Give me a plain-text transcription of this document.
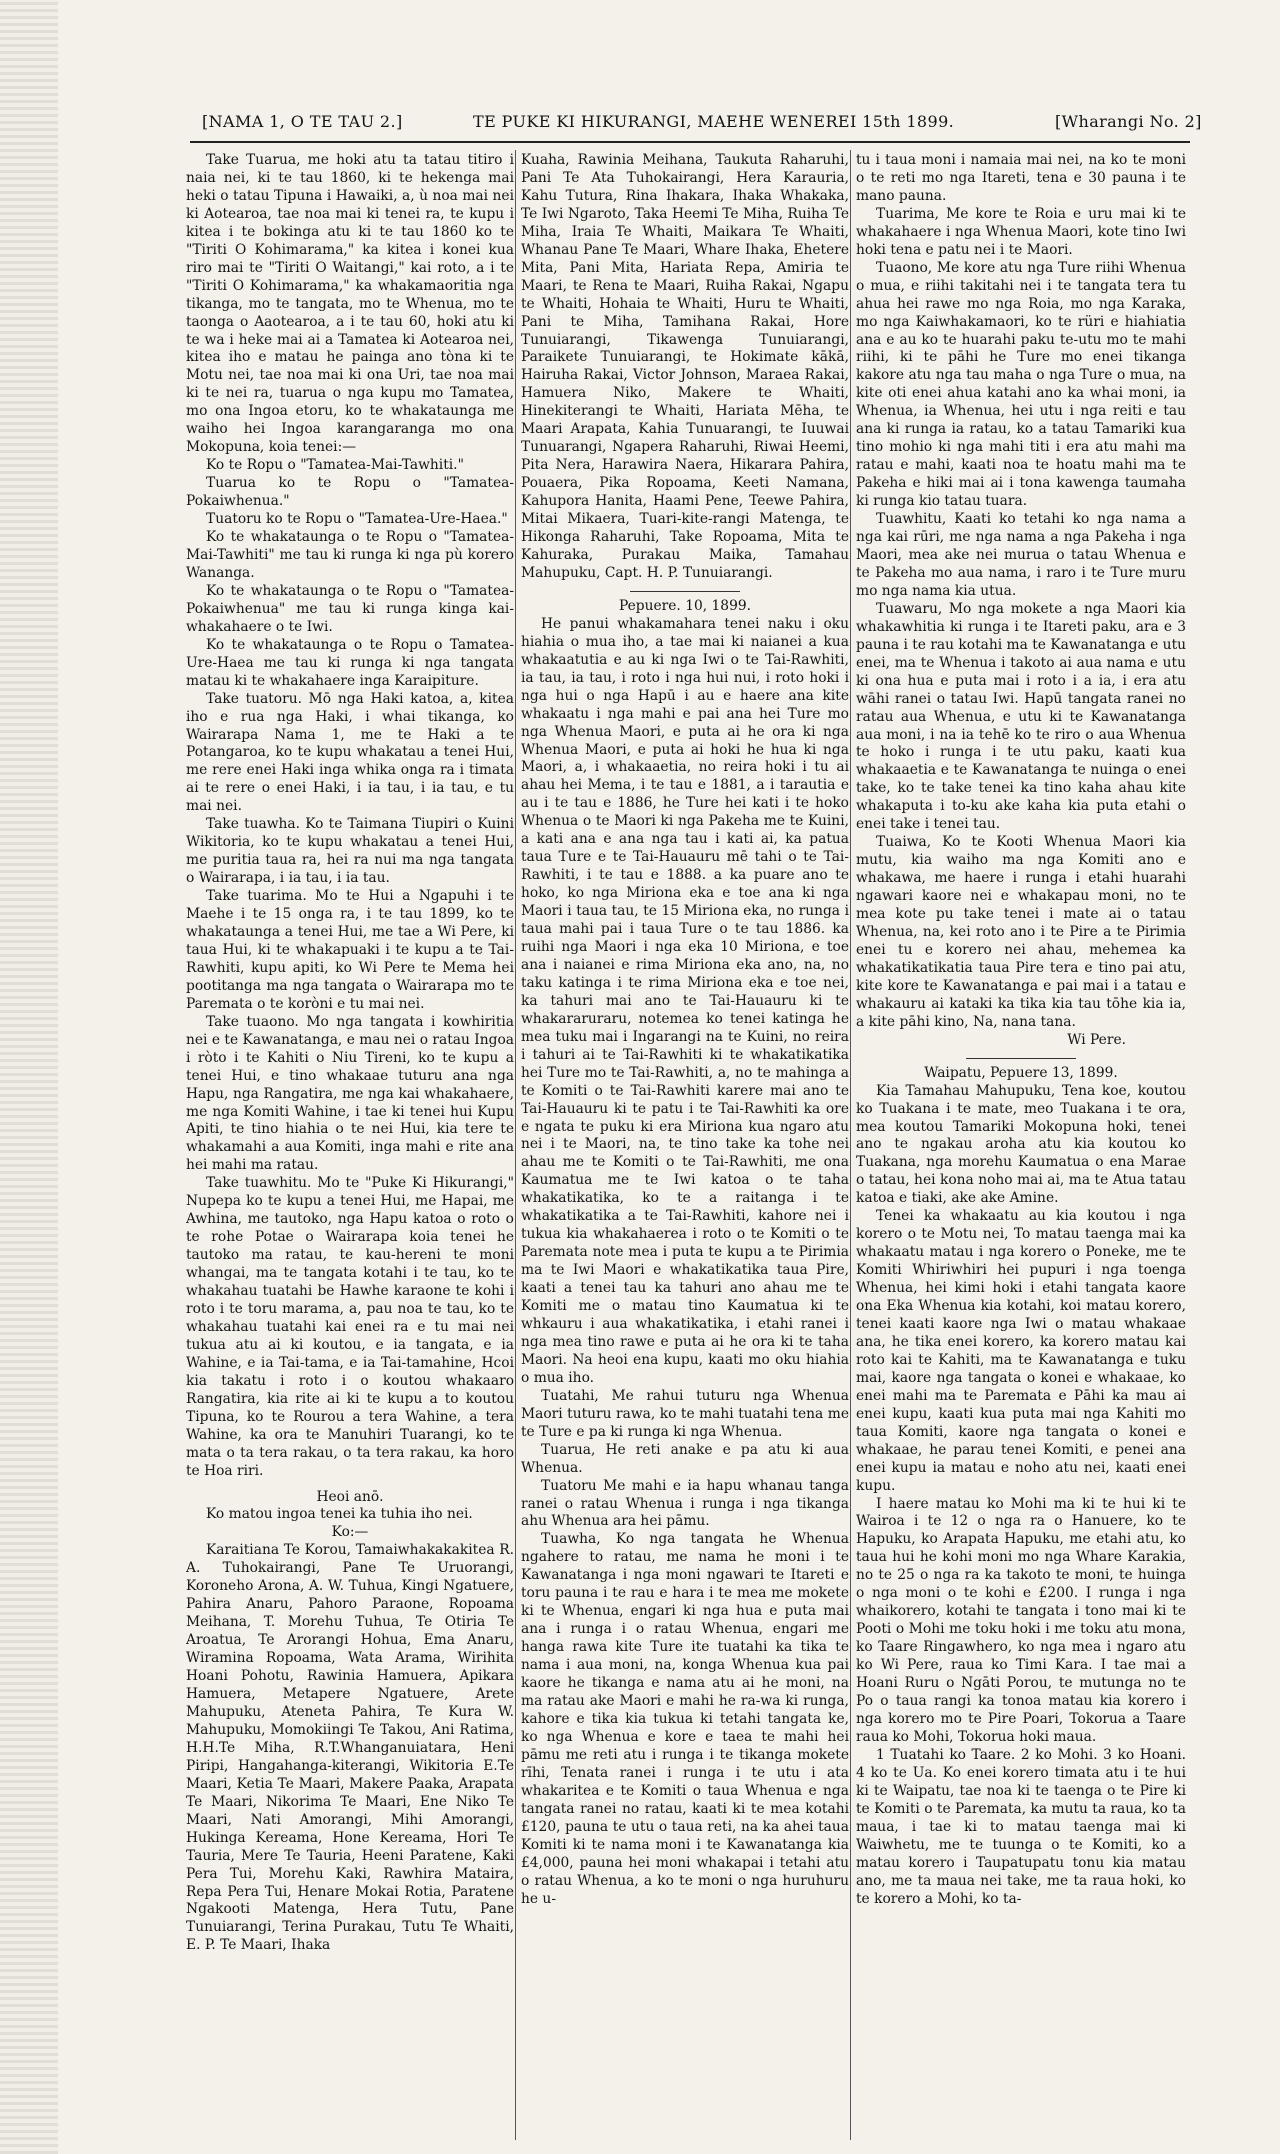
[NAMA 1, O TE TAU 2.]	TE PUKE KI HIKURANGI, MAEHE WENEREI 15th 1899.	[Wharangi No. 2]

Take Tuarua, me hoki atu ta tatau titiro i naia nei, ki te tau 1860, ki te hekenga mai heki o tatau Tipuna i Hawaiki, a, ù noa mai nei ki Aotearoa, tae noa mai ki tenei ra, te kupu i kitea i te bokinga atu ki te tau 1860 ko te "Tiriti O Kohimarama," ka kitea i konei kua riro mai te "Tiriti O Waitangi," kai roto, a i te "Tiriti O Kohimarama," ka whakamaoritia nga tikanga, mo te tangata, mo te Whenua, mo te taonga o Aaotearoa, a i te tau 60, hoki atu ki te wa i heke mai ai a Tamatea ki Aotearoa nei, kitea iho e matau he painga ano tòna ki te Motu nei, tae noa mai ki ona Uri, tae noa mai ki te nei ra, tuarua o nga kupu mo Tamatea, mo ona Ingoa etoru, ko te whakataunga me waiho hei Ingoa karangaranga mo ona Mokopuna, koia tenei:—

Ko te Ropu o "Tamatea-Mai-Tawhiti."

Tuarua ko te Ropu o "Tamatea-Pokaiwhenua."

Tuatoru ko te Ropu o "Tamatea-Ure-Haea."

Ko te whakataunga o te Ropu o "Tamatea-Mai-Tawhiti" me tau ki runga ki nga pù korero Wananga.

Ko te whakataunga o te Ropu o "Tamatea-Pokaiwhenua" me tau ki runga kinga kai-whakahaere o te Iwi.

Ko te whakataunga o te Ropu o Tamatea-Ure-Haea me tau ki runga ki nga tangata matau ki te whakahaere inga Karaipiture.

Take tuatoru. Mō nga Haki katoa, a, kitea iho e rua nga Haki, i whai tikanga, ko Wairarapa Nama 1, me te Haki a te Potangaroa, ko te kupu whakatau a tenei Hui, me rere enei Haki inga whika onga ra i timata ai te rere o enei Haki, i ia tau, i ia tau, e tu mai nei.

Take tuawha. Ko te Taimana Tiupiri o Kuini Wikitoria, ko te kupu whakatau a tenei Hui, me puritia taua ra, hei ra nui ma nga tangata o Wairarapa, i ia tau, i ia tau.

Take tuarima. Mo te Hui a Ngapuhi i te Maehe i te 15 onga ra, i te tau 1899, ko te whakataunga a tenei Hui, me tae a Wi Pere, ki taua Hui, ki te whakapuaki i te kupu a te Tai-Rawhiti, kupu apiti, ko Wi Pere te Mema hei pootitanga ma nga tangata o Wairarapa mo te Paremata o te koròni e tu mai nei.

Take tuaono. Mo nga tangata i kowhiritia nei e te Kawanatanga, e mau nei o ratau Ingoa i ròto i te Kahiti o Niu Tireni, ko te kupu a tenei Hui, e tino whakaae tuturu ana nga Hapu, nga Rangatira, me nga kai whakahaere, me nga Komiti Wahine, i tae ki tenei hui Kupu Apiti, te tino hiahia o te nei Hui, kia tere te whakamahi a aua Komiti, inga mahi e rite ana hei mahi ma ratau.

Take tuawhitu. Mo te "Puke Ki Hikurangi," Nupepa ko te kupu a tenei Hui, me Hapai, me Awhina, me tautoko, nga Hapu katoa o roto o te rohe Potae o Wairarapa koia tenei he tautoko ma ratau, te kau-hereni te moni whangai, ma te tangata kotahi i te tau, ko te whakahau tuatahi be Hawhe karaone te kohi i roto i te toru marama, a, pau noa te tau, ko te whakahau tuatahi kai enei ra e tu mai nei tukua atu ai ki koutou, e ia tangata, e ia Wahine, e ia Tai-tama, e ia Tai-tamahine, Hcoi kia takatu i roto i o koutou whakaaro Rangatira, kia rite ai ki te kupu a to koutou Tipuna, ko te Rourou a tera Wahine, a tera Wahine, ka ora te Manuhiri Tuarangi, ko te mata o ta tera rakau, o ta tera rakau, ka horo te Hoa riri.

Heoi anō.

Ko matou ingoa tenei ka tuhia iho nei.

Ko:—

Karaitiana Te Korou, Tamaiwhakakakitea R. A. Tuhokairangi, Pane Te Uruorangi, Koroneho Arona, A. W. Tuhua, Kingi Ngatuere, Pahira Anaru, Pahoro Paraone, Ropoama Meihana, T. Morehu Tuhua, Te Otiria Te Aroatua, Te Arorangi Hohua, Ema Anaru, Wiramina Ropoama, Wata Arama, Wirihita Hoani Pohotu, Rawinia Hamuera, Apikara Hamuera, Metapere Ngatuere, Arete Mahupuku, Ateneta Pahira, Te Kura W. Mahupuku, Momokiingi Te Takou, Ani Ratima, H.H.Te Miha, R.T.Whanganuiatara, Heni Piripi, Hangahanga-kiterangi, Wikitoria E.Te Maari, Ketia Te Maari, Makere Paaka, Arapata Te Maari, Nikorima Te Maari, Ene Niko Te Maari, Nati Amorangi, Mihi Amorangi, Hukinga Kereama, Hone Kereama, Hori Te Tauria, Mere Te Tauria, Heeni Paratene, Kaki Pera Tui, Morehu Kaki, Rawhira Mataira, Repa Pera Tui, Henare Mokai Rotia, Paratene Ngakooti Matenga, Hera Tutu, Pane Tunuiarangi, Terina Purakau, Tutu Te Whaiti, E. P. Te Maari, Ihaka

Kuaha, Rawinia Meihana, Taukuta Raharuhi, Pani Te Ata Tuhokairangi, Hera Karauria, Kahu Tutura, Rina Ihakara, Ihaka Whakaka, Te Iwi Ngaroto, Taka Heemi Te Miha, Ruiha Te Miha, Iraia Te Whaiti, Maikara Te Whaiti, Whanau Pane Te Maari, Whare Ihaka, Ehetere Mita, Pani Mita, Hariata Repa, Amiria te Maari, te Rena te Maari, Ruiha Rakai, Ngapu te Whaiti, Hohaia te Whaiti, Huru te Whaiti, Pani te Miha, Tamihana Rakai, Hore Tunuiarangi, Tikawenga Tunuiarangi, Paraikete Tunuiarangi, te Hokimate kākā, Hairuha Rakai, Victor Johnson, Maraea Rakai, Hamuera Niko, Makere te Whaiti, Hinekiterangi te Whaiti, Hariata Mēha, te Maari Arapata, Kahia Tunuarangi, te Iuuwai Tunuarangi, Ngapera Raharuhi, Riwai Heemi, Pita Nera, Harawira Naera, Hikarara Pahira, Pouaera, Pika Ropoama, Keeti Namana, Kahupora Hanita, Haami Pene, Teewe Pahira, Mitai Mikaera, Tuari-kite-rangi Matenga, te Hikonga Raharuhi, Take Ropoama, Mita te Kahuraka, Purakau Maika, Tamahau Mahupuku, Capt. H. P. Tunuiarangi.

Pepuere. 10, 1899.

He panui whakamahara tenei naku i oku hiahia o mua iho, a tae mai ki naianei a kua whakaatutia e au ki nga Iwi o te Tai-Rawhiti, ia tau, ia tau, i roto i nga hui nui, i roto hoki i nga hui o nga Hapū i au e haere ana kite whakaatu i nga mahi e pai ana hei Ture mo nga Whenua Maori, e puta ai he ora ki nga Whenua Maori, e puta ai hoki he hua ki nga Maori, a, i whakaaetia, no reira hoki i tu ai ahau hei Mema, i te tau e 1881, a i tarautia e au i te tau e 1886, he Ture hei kati i te hoko Whenua o te Maori ki nga Pakeha me te Kuini, a kati ana e ana nga tau i kati ai, ka patua taua Ture e te Tai-Hauauru mē tahi o te Tai-Rawhiti, i te tau e 1888. a ka puare ano te hoko, ko nga Miriona eka e toe ana ki nga Maori i taua tau, te 15 Miriona eka, no runga i taua mahi pai i taua Ture o te tau 1886. ka ruihi nga Maori i nga eka 10 Miriona, e toe ana i naianei e rima Miriona eka ano, na, no taku katinga i te rima Miriona eka e toe nei, ka tahuri mai ano te Tai-Hauauru ki te whakararuraru, notemea ko tenei katinga he mea tuku mai i Ingarangi na te Kuini, no reira i tahuri ai te Tai-Rawhiti ki te whakatikatika hei Ture mo te Tai-Rawhiti, a, no te mahinga a te Komiti o te Tai-Rawhiti karere mai ano te Tai-Hauauru ki te patu i te Tai-Rawhiti ka ore e ngata te puku ki era Miriona kua ngaro atu nei i te Maori, na, te tino take ka tohe nei ahau me te Komiti o te Tai-Rawhiti, me ona Kaumatua me te Iwi katoa o te taha whakatikatika, ko te a raitanga i te whakatikatika a te Tai-Rawhiti, kahore nei i tukua kia whakahaerea i roto o te Komiti o te Paremata note mea i puta te kupu a te Pirimia ma te Iwi Maori e whakatikatika taua Pire, kaati a tenei tau ka tahuri ano ahau me te Komiti me o matau tino Kaumatua ki te whkauru i aua whakatikatika, i etahi ranei i nga mea tino rawe e puta ai he ora ki te taha Maori. Na heoi ena kupu, kaati mo oku hiahia o mua iho.

Tuatahi, Me rahui tuturu nga Whenua Maori tuturu rawa, ko te mahi tuatahi tena me te Ture e pa ki runga ki nga Whenua.

Tuarua, He reti anake e pa atu ki aua Whenua.

Tuatoru Me mahi e ia hapu whanau tanga ranei o ratau Whenua i runga i nga tikanga ahu Whenua ara hei pāmu.

Tuawha, Ko nga tangata he Whenua ngahere to ratau, me nama he moni i te Kawanatanga i nga moni ngawari te Itareti e toru pauna i te rau e hara i te mea me mokete ki te Whenua, engari ki nga hua e puta mai ana i runga i o ratau Whenua, engari me hanga rawa kite Ture ite tuatahi ka tika te nama i aua moni, na, konga Whenua kua pai kaore he tikanga e nama atu ai he moni, na ma ratau ake Maori e mahi he ra-wa ki runga, kahore e tika kia tukua ki tetahi tangata ke, ko nga Whenua e kore e taea te mahi hei pāmu me reti atu i runga i te tikanga mokete rīhi, Tenata ranei i runga i te utu i ata whakaritea e te Komiti o taua Whenua e nga tangata ranei no ratau, kaati ki te mea kotahi £120, pauna te utu o taua reti, na ka ahei taua Komiti ki te nama moni i te Kawanatanga kia £4,000, pauna hei moni whakapai i tetahi atu o ratau Whenua, a ko te moni o nga huruhuru he u-

tu i taua moni i namaia mai nei, na ko te moni o te reti mo nga Itareti, tena e 30 pauna i te mano pauna.

Tuarima, Me kore te Roia e uru mai ki te whakahaere i nga Whenua Maori, kote tino Iwi hoki tena e patu nei i te Maori.

Tuaono, Me kore atu nga Ture riihi Whenua o mua, e riihi takitahi nei i te tangata tera tu ahua hei rawe mo nga Roia, mo nga Karaka, mo nga Kaiwhakamaori, ko te rüri e hiahiatia ana e au ko te huarahi paku te-utu mo te mahi riihi, ki te pāhi he Ture mo enei tikanga kakore atu nga tau maha o nga Ture o mua, na kite oti enei ahua katahi ano ka whai moni, ia Whenua, ia Whenua, hei utu i nga reiti e tau ana ki runga ia ratau, ko a tatau Tamariki kua tino mohio ki nga mahi titi i era atu mahi ma ratau e mahi, kaati noa te hoatu mahi ma te Pakeha e hiki mai ai i tona kawenga taumaha ki runga kio tatau tuara.

Tuawhitu, Kaati ko tetahi ko nga nama a nga kai rūri, me nga nama a nga Pakeha i nga Maori, mea ake nei murua o tatau Whenua e te Pakeha mo aua nama, i raro i te Ture muru mo nga nama kia utua.

Tuawaru, Mo nga mokete a nga Maori kia whakawhitia ki runga i te Itareti paku, ara e 3 pauna i te rau kotahi ma te Kawanatanga e utu enei, ma te Whenua i takoto ai aua nama e utu ki ona hua e puta mai i roto i a ia, i era atu wāhi ranei o tatau Iwi. Hapū tangata ranei no ratau aua Whenua, e utu ki te Kawanatanga aua moni, i na ia tehē ko te riro o aua Whenua te hoko i runga i te utu paku, kaati kua whakaaetia e te Kawanatanga te nuinga o enei take, ko te take tenei ka tino kaha ahau kite whakaputa i to-ku ake kaha kia puta etahi o enei take i tenei tau.

Tuaiwa, Ko te Kooti Whenua Maori kia mutu, kia waiho ma nga Komiti ano e whakawa, me haere i runga i etahi huarahi ngawari kaore nei e whakapau moni, no te mea kote pu take tenei i mate ai o tatau Whenua, na, kei roto ano i te Pire a te Pirimia enei tu e korero nei ahau, mehemea ka whakatikatikatia taua Pire tera e tino pai atu, kite kore te Kawanatanga e pai mai i a tatau e whakauru ai kataki ka tika kia tau tōhe kia ia, a kite pāhi kino, Na, nana tana.

Wi Pere.

Waipatu, Pepuere 13, 1899.

Kia Tamahau Mahupuku, Tena koe, koutou ko Tuakana i te mate, meo Tuakana i te ora, mea koutou Tamariki Mokopuna hoki, tenei ano te ngakau aroha atu kia koutou ko Tuakana, nga morehu Kaumatua o ena Marae o tatau, hei kona noho mai ai, ma te Atua tatau katoa e tiaki, ake ake Amine.

Tenei ka whakaatu au kia koutou i nga korero o te Motu nei, To matau taenga mai ka whakaatu matau i nga korero o Poneke, me te Komiti Whiriwhiri hei pupuri i nga toenga Whenua, hei kimi hoki i etahi tangata kaore ona Eka Whenua kia kotahi, koi matau korero, tenei kaati kaore nga Iwi o matau whakaae ana, he tika enei korero, ka korero matau kai roto kai te Kahiti, ma te Kawanatanga e tuku mai, kaore nga tangata o konei e whakaae, ko enei mahi ma te Paremata e Pāhi ka mau ai enei kupu, kaati kua puta mai nga Kahiti mo taua Komiti, kaore nga tangata o konei e whakaae, he parau tenei Komiti, e penei ana enei kupu ia matau e noho atu nei, kaati enei kupu.

I haere matau ko Mohi ma ki te hui ki te Wairoa i te 12 o nga ra o Hanuere, ko te Hapuku, ko Arapata Hapuku, me etahi atu, ko taua hui he kohi moni mo nga Whare Karakia, no te 25 o nga ra ka takoto te moni, te huinga o nga moni o te kohi e £200. I runga i nga whaikorero, kotahi te tangata i tono mai ki te Pooti o Mohi me toku hoki i me toku atu mona, ko Taare Ringawhero, ko nga mea i ngaro atu ko Wi Pere, raua ko Timi Kara. I tae mai a Hoani Ruru o Ngāti Porou, te mutunga no te Po o taua rangi ka tonoa matau kia korero i nga korero mo te Pire Poari, Tokorua a Taare raua ko Mohi, Tokorua hoki maua.

1 Tuatahi ko Taare. 2 ko Mohi. 3 ko Hoani. 4 ko te Ua. Ko enei korero timata atu i te hui ki te Waipatu, tae noa ki te taenga o te Pire ki te Komiti o te Paremata, ka mutu ta raua, ko ta maua, i tae ki to matau taenga mai ki Waiwhetu, me te tuunga o te Komiti, ko a matau korero i Taupatupatu tonu kia matau ano, me ta maua nei take, me ta raua hoki, ko te korero a Mohi, ko ta-
